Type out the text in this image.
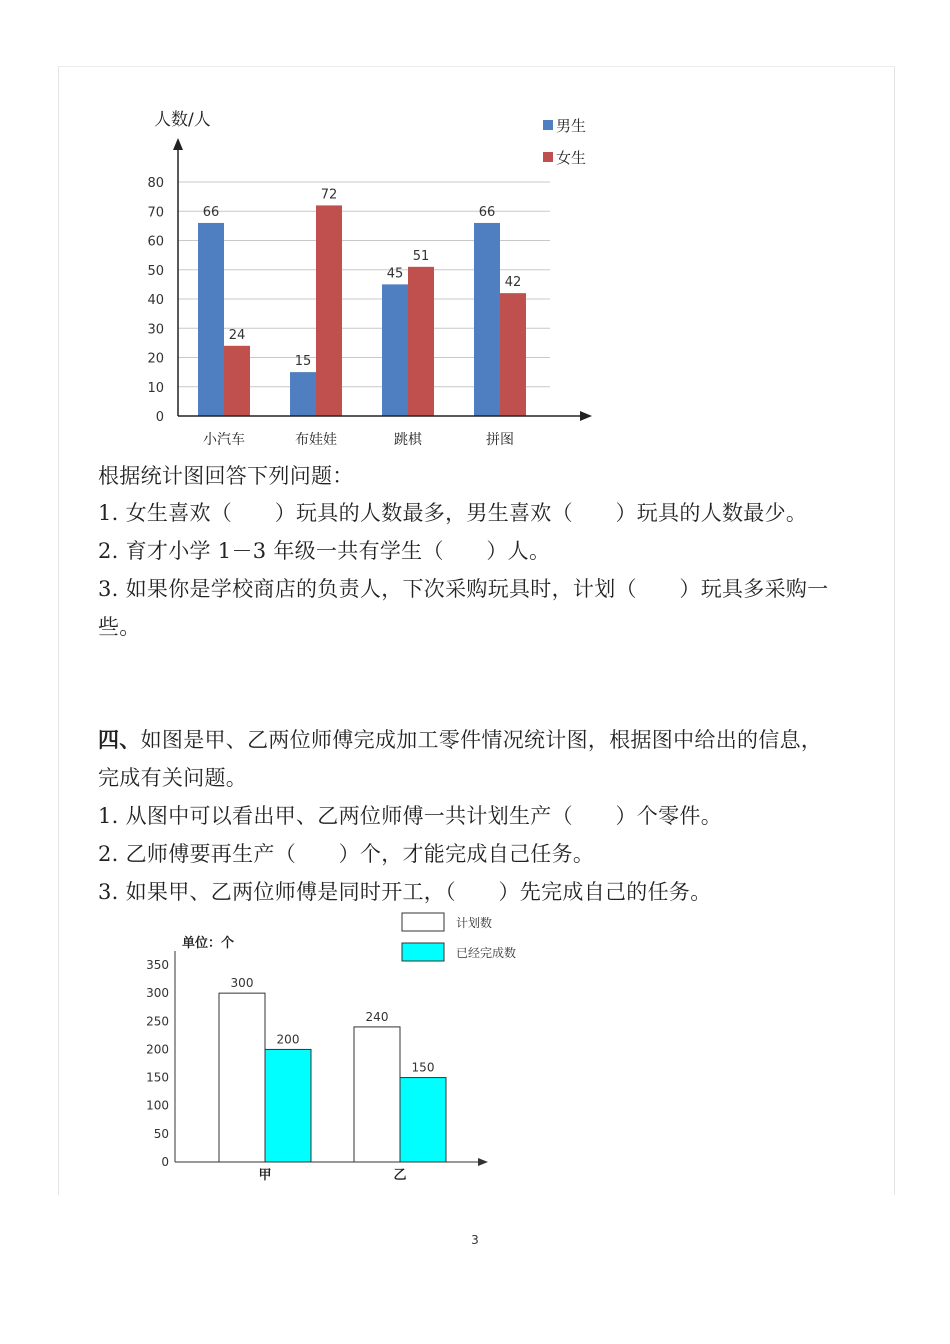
0
10
20
30
40
50
60
70
80
66
24
小汽车
15
72
布娃娃
45
51
跳棋
66
42
拼图
人数/人	男生
女生
根据统计图回答下列问题：
1. 女生喜欢（　　）玩具的人数最多，男生喜欢（　　）玩具的人数最少。
2. 育才小学 1－3 年级一共有学生（　　）人。
3. 如果你是学校商店的负责人，下次采购玩具时，计划（　　）玩具多采购一
些。
四、如图是甲、乙两位师傅完成加工零件情况统计图，根据图中给出的信息，
完成有关问题。
1. 从图中可以看出甲、乙两位师傅一共计划生产（　　）个零件。
2. 乙师傅要再生产（　　）个，才能完成自己任务。
3. 如果甲、乙两位师傅是同时开工，（　　）先完成自己的任务。
0
50
100
150
200
250
300
350
300
200
甲
240
150
乙
单位：个
计划数
已经完成数
3
